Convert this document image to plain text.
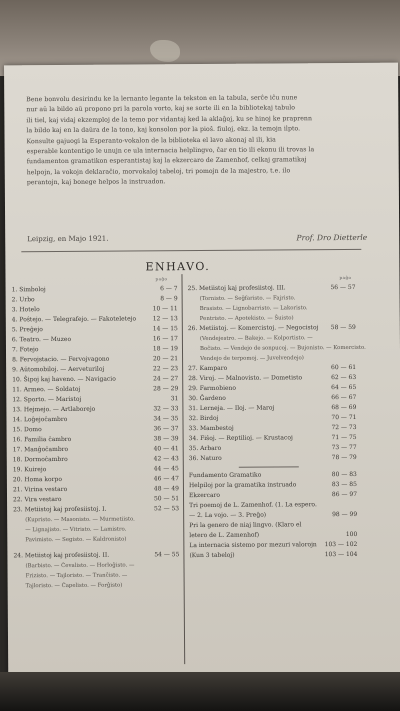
Bene bonvolu desirindu ke la lernanto legante la tekston en la tabula, serĉe iĉu nune
nur aŭ la bildo aŭ propono pri la parola vorto, kaj se sorte ili en la bibliotekaj tabulo
ili tiel, kaj vidaj ekzemploj de la temo por vidantaj ked la aklaĝoj, ku se hinoj ke praprenn
la bildo kaj en la daŭra de la tono, kaj konsolon por la pioŝ. fiuloj, ekz. la temojn ilpto.
Konsulte gajuogi la Esperanto-vokalon de la biblioteka el lavo akonaj al ili, kia
esperable kontentigo le unujn ce ula internacia helplingvo, ĉar en tio ili ekonu ili trovas la
fundamenton gramatikon esperantistaj kaj la ekzercaro de Zamenhof, celkaj gramatikaj
helpojn, la vokojn deklaraĉio, morvokaloj tabeloj, tri pomojn de la majestro, t.e. ilo
perantojn, kaj bonege helpos la instruadon.
Leipzig, en Majo 1921.	Prof. Dro Dietterle
ENHAVO.
paĝo	paĝo
1. Simboloj	6 — 7
2. Urbo	8 — 9
3. Hotelo	10 — 11
4. Poŝtejo. — Telegrafejo. — Fakoteletejo	12 — 13
5. Preĝejo	14 — 15
6. Teatro. — Muzeo	16 — 17
7. Fotejo	18 — 19
8. Fervojstacio. — Fervojvagono	20 — 21
9. Aŭtomobiloj. — Aerveturiloj	22 — 23
10. Ŝipoj kaj haveno. — Navigacio	24 — 27
11. Armeo. — Soldatoj	28 — 29
12. Sporto. — Maristoj	31
13. Hejmejo. — Artlaborejo	32 — 33
14. Loĝejoĉambro	34 — 35
15. Domo	36 — 37
16. Familia ĉambro	38 — 39
17. Manĝoĉambro	40 — 41
18. Dormoĉambro	42 — 43
19. Kuirejo	44 — 45
20. Homa korpo	46 — 47
21. Virina vestaro	48 — 49
22. Vira vestaro	50 — 51
23. Metiistoj kaj profesiistoj. I.	52 — 53
(Kupristo. — Masonisto. — Murmetiisto.
— Lignajisto. — Vitristo. — Lamistro.
Pavimisto. — Segisto. — Kaldronisto)
24. Metiistoj kaj profesiistoj. II.	54 — 55
(Barbisto. — Ĉevalisto. — Horloĝisto. —
Frizisto. — Tajloristo. — Tranĉisto. —
Tajloristo. — Ĉapelisto. — Forĝisto)
25. Metiistoj kaj profesiistoj. III.	56 — 57
(Tornisto. — Seĝfaristo. — Fajristo.
Brasisto. — Lignobarristo. — Lakoristo.
Pentristo. — Apotekisto. — Ŝuisto)
26. Metiistoj. — Komercistoj. — Negocistoj 58 — 59
(Vendejestro. — Bakejo. — Kolportisto. —
Boĉisto. — Vendejo de sonpucoj. — Bujonisto. — Komercisto.
Vendejo de terpomoj. — Juvelvendejo)
27. Kamparo	60 — 61
28. Viroj. — Malnovisto. — Dometisto	62 — 63
29. Farmobieno	64 — 65
30. Ĝardeno	66 — 67
31. Lerneja. — Iloj. — Maroj	68 — 69
32. Birdoj	70 — 71
33. Mambestoj	72 — 73
34. Fiŝoj. — Reptilioj. — Krustacoj	71 — 75
35. Arbaro	73 — 77
36. Naturo	78 — 79
Fundamento Gramatiko	80 — 83
Helpiloj por la gramatika instruado	83 — 85
Ekzercaro	86 — 97
Tri poemoj de L. Zamenhof. (1. La espero.
— 2. La vojo. — 3. Preĝo)	98 — 99
Pri la genero de niaj lingvo. (Klaro el
letero de L. Zamenhof)	100
La internacia sistemo por mezuri valorojn 103 — 102
(Kun 3 tabeloj)	103 — 104
